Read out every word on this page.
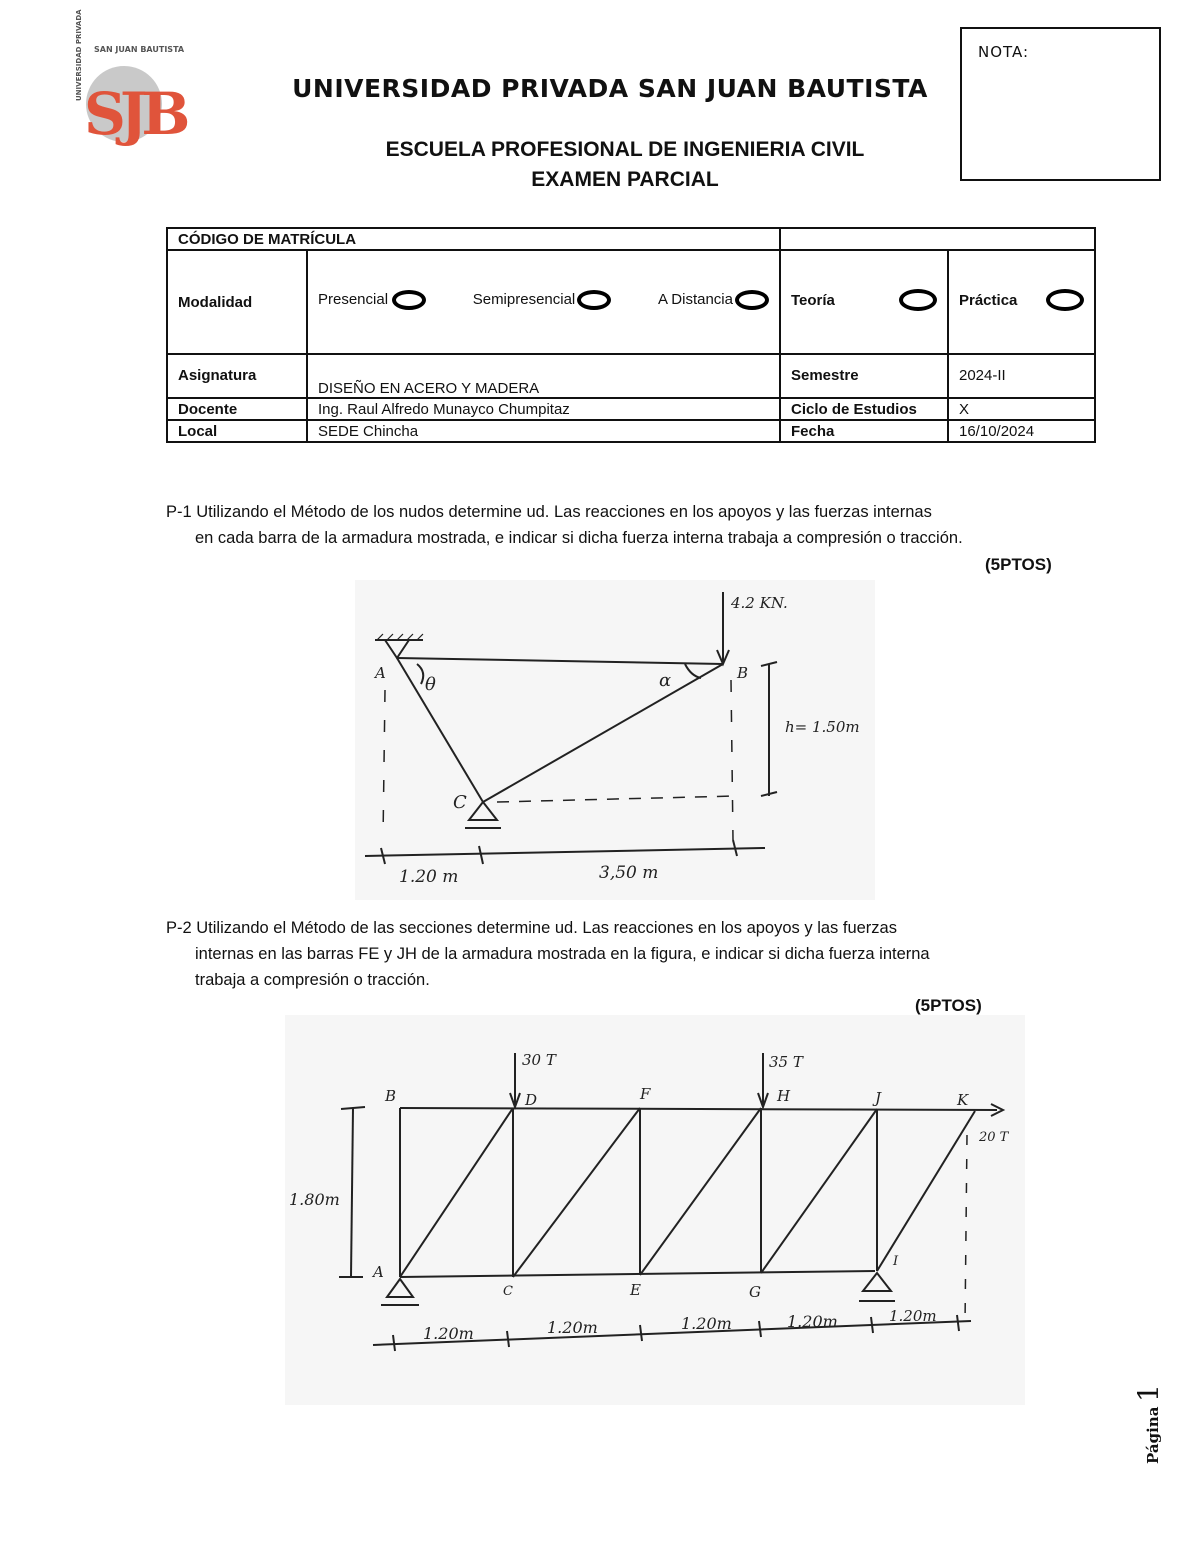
UNIVERSIDAD PRIVADA SAN JUAN BAUTISTA
SJB	UNIVERSIDAD PRIVADA SAN JUAN BAUTISTA
ESCUELA PROFESIONAL DE INGENIERIA CIVIL
EXAMEN PARCIAL
NOTA:
CÓDIGO DE MATRÍCULA			
Modalidad	Presencial Semipresencial A Distancia	Teoría	Práctica

Asignatura	DISEÑO EN ACERO Y MADERA	Semestre	2024-II
Docente	Ing. Raul Alfredo Munayco Chumpitaz	Ciclo de Estudios	X
Local	SEDE Chincha	Fecha	16/10/2024
P-1 Utilizando el Método de los nudos determine ud. Las reacciones en los apoyos y las fuerzas internas
en cada barra de la armadura mostrada, e indicar si dicha fuerza interna trabaja a compresión o tracción.
(5PTOS)
4.2 KN.
A	B
C
θ	α
h= 1.50m
1.20 m	3,50 m
P-2 Utilizando el Método de las secciones determine ud. Las reacciones en los apoyos y las fuerzas
internas en las barras FE y JH de la armadura mostrada en la figura, e indicar si dicha fuerza interna
trabaja a compresión o tracción.
(5PTOS)
30 T	35 T
20 T
B	D	F	H	J	K
A
C	E	G
I
1.80m
1.20m	1.20m	1.20m	1.20m	1.20m
Página
1
